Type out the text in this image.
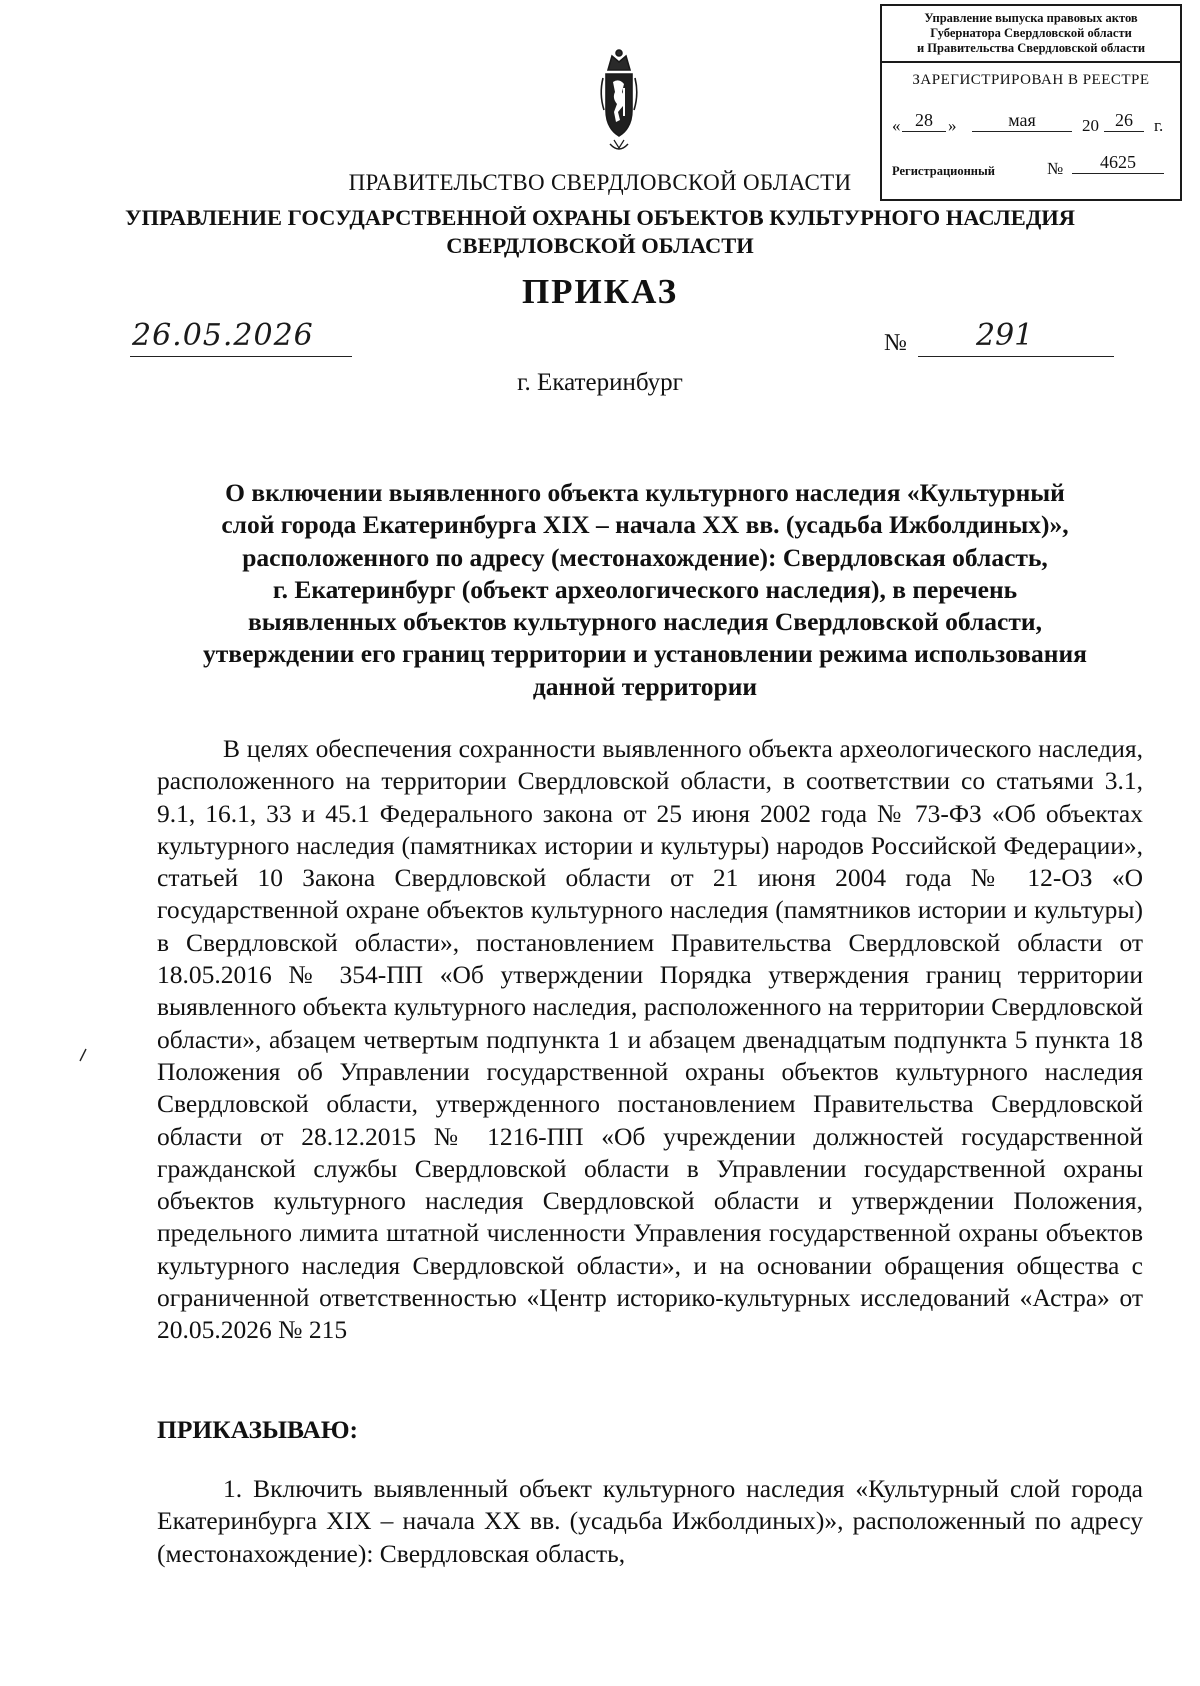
Управление выпуска правовых актов
Губернатора Свердловской области
и Правительства Свердловской области
ЗАРЕГИСТРИРОВАН В РЕЕСТРЕ
« 28 »	мая	20 26	г.
Регистрационный	№	4625
ПРАВИТЕЛЬСТВО СВЕРДЛОВСКОЙ ОБЛАСТИ
УПРАВЛЕНИЕ ГОСУДАРСТВЕННОЙ ОХРАНЫ ОБЪЕКТОВ КУЛЬТУРНОГО НАСЛЕДИЯ
СВЕРДЛОВСКОЙ ОБЛАСТИ
ПРИКАЗ
26.05.2026	№ 291
г. Екатеринбург
О включении выявленного объекта культурного наследия «Культурный
слой города Екатеринбурга XIX – начала XX вв. (усадьба Ижболдиных)»,
расположенного по адресу (местонахождение): Свердловская область,
г. Екатеринбург (объект археологического наследия), в перечень
выявленных объектов культурного наследия Свердловской области,
утверждении его границ территории и установлении режима использования
данной территории

В целях обеспечения сохранности выявленного объекта археологического наследия, расположенного на территории Свердловской области, в соответствии со статьями 3.1, 9.1, 16.1, 33 и 45.1 Федерального закона от 25 июня 2002 года № 73-ФЗ «Об объектах культурного наследия (памятниках истории и культуры) народов Российской Федерации», статьей 10 Закона Свердловской области от 21 июня 2004 года № 12-ОЗ «О государственной охране объектов культурного наследия (памятников истории и культуры) в Свердловской области», постановлением Правительства Свердловской области от 18.05.2016 № 354-ПП «Об утверждении Порядка утверждения границ территории выявленного объекта культурного наследия, расположенного на территории Свердловской области», абзацем четвертым подпункта 1 и абзацем двенадцатым подпункта 5 пункта 18 Положения об Управлении государственной охраны объектов культурного наследия Свердловской области, утвержденного постановлением Правительства Свердловской области от 28.12.2015 № 1216-ПП «Об учреждении должностей государственной гражданской службы Свердловской области в Управлении государственной охраны объектов культурного наследия Свердловской области и утверждении Положения, предельного лимита штатной численности Управления государственной охраны объектов культурного наследия Свердловской области», и на основании обращения общества с ограниченной ответственностью «Центр историко-культурных исследований «Астра» от 20.05.2026 № 215

ПРИКАЗЫВАЮ:
1. Включить выявленный объект культурного наследия «Культурный слой города Екатеринбурга XIX – начала XX вв. (усадьба Ижболдиных)», расположенный по адресу (местонахождение): Свердловская область,
